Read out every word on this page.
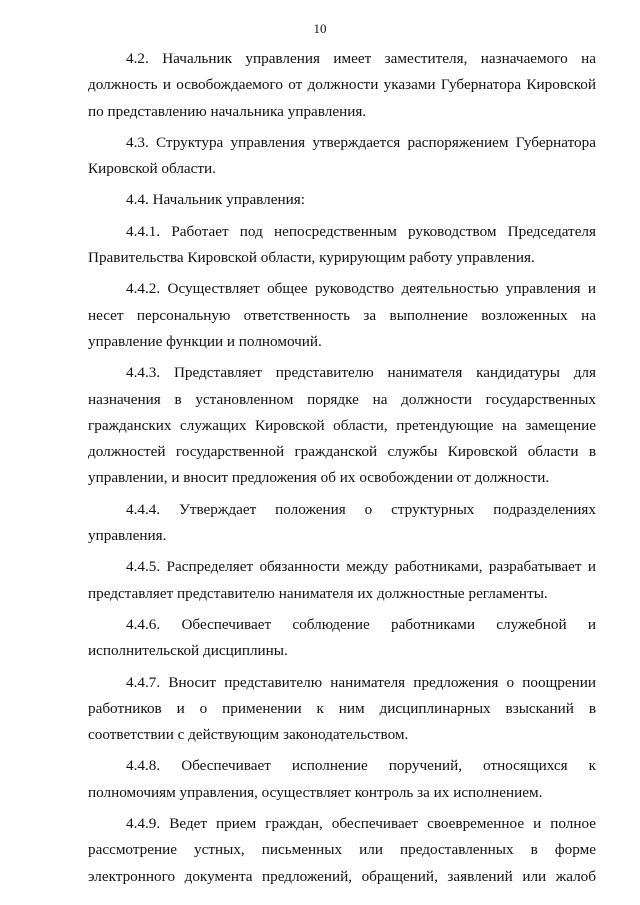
10

4.2. Начальник управления имеет заместителя, назначаемого на должность и освобождаемого от должности указами Губернатора Кировской по представлению начальника управления.

4.3. Структура управления утверждается распоряжением Губернатора Кировской области.

4.4. Начальник управления:

4.4.1. Работает под непосредственным руководством Председателя Правительства Кировской области, курирующим работу управления.

4.4.2. Осуществляет общее руководство деятельностью управления и несет персональную ответственность за выполнение возложенных на управление функции и полномочий.

4.4.3. Представляет представителю нанимателя кандидатуры для назначения в установленном порядке на должности государственных гражданских служащих Кировской области, претендующие на замещение должностей государственной гражданской службы Кировской области в управлении, и вносит предложения об их освобождении от должности.

4.4.4. Утверждает положения о структурных подразделениях управления.

4.4.5. Распределяет обязанности между работниками, разрабатывает и представляет представителю нанимателя их должностные регламенты.

4.4.6. Обеспечивает соблюдение работниками служебной и исполнительской дисциплины.

4.4.7. Вносит представителю нанимателя предложения о поощрении работников и о применении к ним дисциплинарных взысканий в соответствии с действующим законодательством.

4.4.8. Обеспечивает исполнение поручений, относящихся к полномочиям управления, осуществляет контроль за их исполнением.

4.4.9. Ведет прием граждан, обеспечивает своевременное и полное рассмотрение устных, письменных или предоставленных в форме электронного документа предложений, обращений, заявлений или жалоб
